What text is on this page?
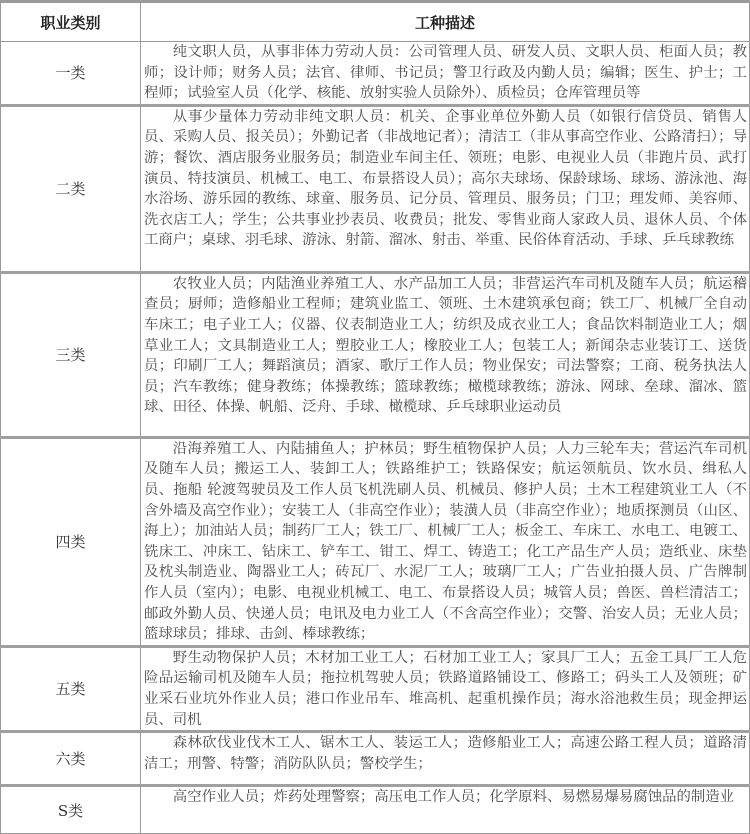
职业类别	工种描述
一类	纯文职人员，从事非体力劳动人员：公司管理人员、研发人员、文职人员、柜面人员；教师；设计师；财务人员；法官、律师、书记员；警卫行政及内勤人员；编辑；医生、护士；工程师；试验室人员（化学、核能、放射实验人员除外）、质检员；仓库管理员等
二类	从事少量体力劳动非纯文职人员：机关、企事业单位外勤人员（如银行信贷员、销售人员、采购人员、报关员）；外勤记者（非战地记者）；清洁工（非从事高空作业、公路清扫）；导游；餐饮、酒店服务业服务员；制造业车间主任、领班；电影、电视业人员（非跑片员、武打演员、特技演员、机械工、电工、布景搭设人员）；高尔夫球场、保龄球场、球场、游泳池、海水浴场、游乐园的教练、球童、服务员、记分员、管理员、服务员；门卫；理发师、美容师、洗衣店工人；学生；公共事业抄表员、收费员；批发、零售业商人家政人员、退休人员、个体工商户；桌球、羽毛球、游泳、射箭、溜冰、射击、举重、民俗体育活动、手球、乒乓球教练
三类	农牧业人员；内陆渔业养殖工人、水产品加工人员；非营运汽车司机及随车人员；航运稽查员；厨师；造修船业工程师；建筑业监工、领班、土木建筑承包商；铁工厂、机械厂全自动车床工；电子业工人；仪器、仪表制造业工人；纺织及成衣业工人；食品饮料制造业工人；烟草业工人；文具制造业工人；塑胶业工人；橡胶业工人；包装工人；新闻杂志业装订工、送货员；印刷厂工人；舞蹈演员；酒家、歌厅工作人员；物业保安；司法警察；工商、税务执法人员；汽车教练；健身教练；体操教练；篮球教练；橄榄球教练；游泳、网球、垒球、溜冰、篮球、田径、体操、帆船、泛舟、手球、橄榄球、乒乓球职业运动员
四类	沿海养殖工人、内陆捕鱼人；护林员；野生植物保护人员；人力三轮车夫；营运汽车司机及随车人员；搬运工人、装卸工人；铁路维护工；铁路保安；航运领航员、饮水员、缉私人员、拖船 轮渡驾驶员及工作人员飞机洗刷人员、机械员、修护人员；土木工程建筑业工人（不含外墙及高空作业）；安装工人（非高空作业）；装潢人员（非高空作业）；地质探测员（山区、海上）；加油站人员；制药厂工人；铁工厂、机械厂工人；板金工、车床工、水电工、电镀工、铣床工、冲床工、钻床工、铲车工、钳工、焊工、铸造工；化工产品生产人员；造纸业、床垫及枕头制造业、陶器业工人；砖瓦厂、水泥厂工人；玻璃厂工人；广告业拍摄人员、广告牌制作人员（室内）；电影、电视业机械工、电工、布景搭设人员；城管人员；兽医、兽栏清洁工；邮政外勤人员、快递人员；电讯及电力业工人（不含高空作业）；交警、治安人员；无业人员；篮球球员；排球、击剑、棒球教练；
五类	野生动物保护人员；木材加工业工人；石材加工业工人；家具厂工人；五金工具厂工人危险品运输司机及随车人员；拖拉机驾驶人员；铁路道路铺设工、修路工；码头工人及领班；矿业采石业坑外作业人员；港口作业吊车、堆高机、起重机操作员；海水浴池救生员；现金押运员、司机
六类	森林砍伐业伐木工人、锯木工人、装运工人；造修船业工人；高速公路工程人员；道路清洁工；刑警、特警；消防队队员；警校学生；
S类	高空作业人员；炸药处理警察；高压电工作人员；化学原料、易燃易爆易腐蚀品的制造业
